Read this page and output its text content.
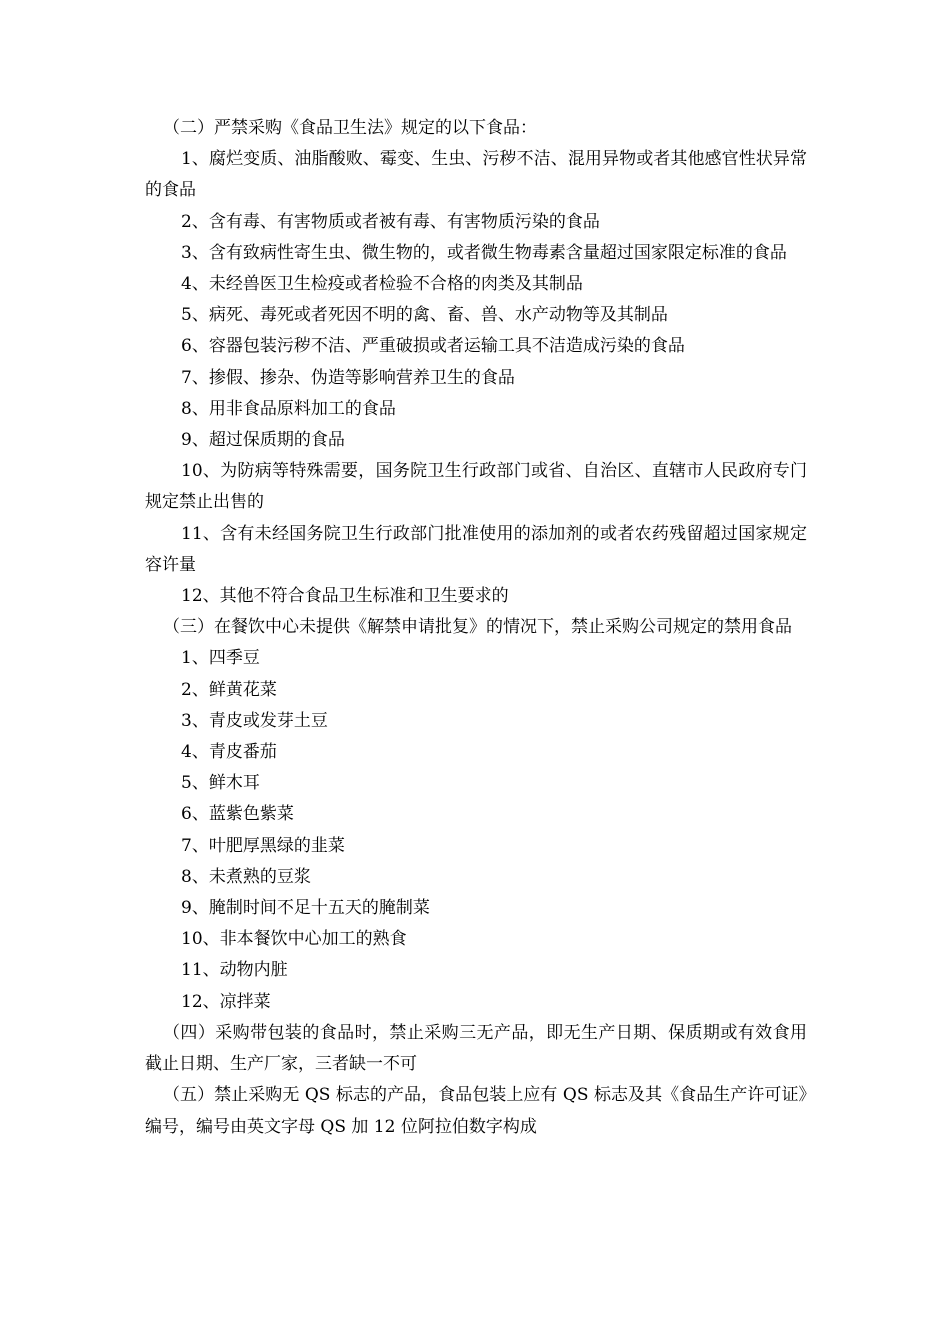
（二）严禁采购《食品卫生法》规定的以下食品：

1、腐烂变质、油脂酸败、霉变、生虫、污秽不洁、混用异物或者其他感官性状异常的食品

2、含有毒、有害物质或者被有毒、有害物质污染的食品

3、含有致病性寄生虫、微生物的，或者微生物毒素含量超过国家限定标准的食品

4、未经兽医卫生检疫或者检验不合格的肉类及其制品

5、病死、毒死或者死因不明的禽、畜、兽、水产动物等及其制品

6、容器包装污秽不洁、严重破损或者运输工具不洁造成污染的食品

7、掺假、掺杂、伪造等影响营养卫生的食品

8、用非食品原料加工的食品

9、超过保质期的食品

10、为防病等特殊需要，国务院卫生行政部门或省、自治区、直辖市人民政府专门规定禁止出售的

11、含有未经国务院卫生行政部门批准使用的添加剂的或者农药残留超过国家规定容许量

12、其他不符合食品卫生标准和卫生要求的

（三）在餐饮中心未提供《解禁申请批复》的情况下，禁止采购公司规定的禁用食品

1、四季豆

2、鲜黄花菜

3、青皮或发芽土豆

4、青皮番茄

5、鲜木耳

6、蓝紫色紫菜

7、叶肥厚黑绿的韭菜

8、未煮熟的豆浆

9、腌制时间不足十五天的腌制菜

10、非本餐饮中心加工的熟食

11、动物内脏

12、凉拌菜

（四）采购带包装的食品时，禁止采购三无产品，即无生产日期、保质期或有效食用截止日期、生产厂家，三者缺一不可

（五）禁止采购无 QS 标志的产品，食品包装上应有 QS 标志及其《食品生产许可证》编号，编号由英文字母 QS 加 12 位阿拉伯数字构成
